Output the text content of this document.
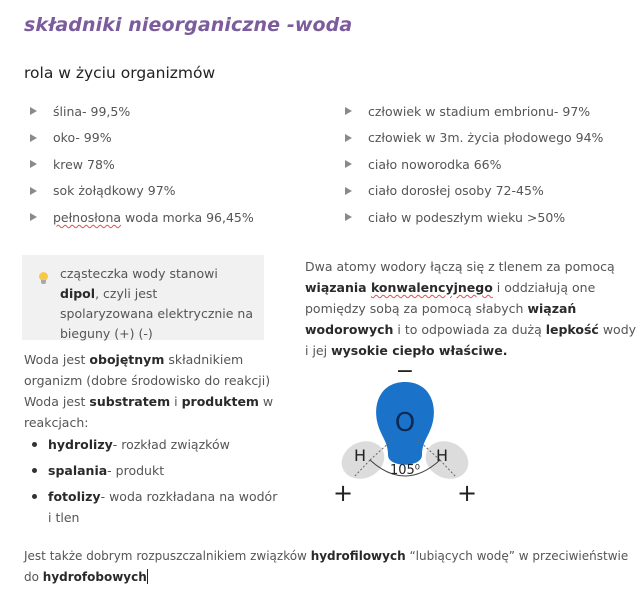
składniki nieorganiczne -woda
rola w życiu organizmów
ślina- 99,5%
oko- 99%
krew 78%
sok żołądkowy 97%
pełnosłona woda morka 96,45%
człowiek w stadium embrionu- 97%
człowiek w 3m. życia płodowego 94%
ciało noworodka 66%
ciało dorosłej osoby 72-45%
ciało w podeszłym wieku >50%
cząsteczka wody stanowi dipol, czyli jest spolaryzowana elektrycznie na bieguny (+) (-)
Dwa atomy wodory łączą się z tlenem za pomocą wiązania konwalencyjnego i oddziałują one pomiędzy sobą za pomocą słabych wiązań wodorowych i to odpowiada za dużą lepkość wody i jej wysokie ciepło właściwe.
Woda jest obojętnym składnikiem organizm (dobre środowisko do reakcji) Woda jest substratem i produktem w reakcjach:
hydrolizy- rozkład związków
spalania- produkt
fotolizy- woda rozkładana na wodór i tlen
O
H	H
105⁰
−
+	+
Jest także dobrym rozpuszczalnikiem związków hydrofilowych “lubiących wodę” w przeciwieństwie do hydrofobowych
